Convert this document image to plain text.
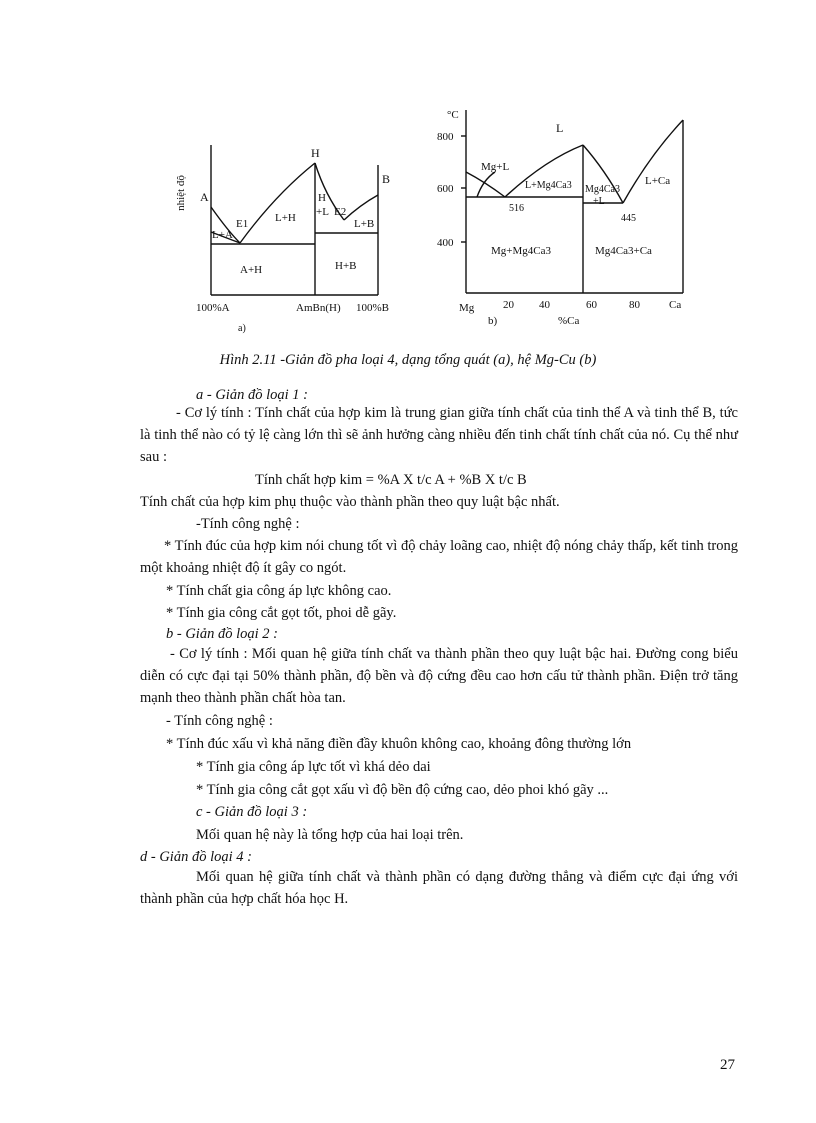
nhiệt độ
H
A
B
E1
E2
L+H
L+A
H
+L
L+B
A+H	H+B
100%A	AmBn(H) 100%B
a)
°C
800
600
400
L
Mg+L
L+Mg4Ca3 Mg4Ca3
+L
L+Ca
516
445
Mg+Mg4Ca3	Mg4Ca3+Ca
Mg	20 40	60	80	Ca
b)	%Ca
Hình 2.11 -Giản đồ pha loại 4, dạng tổng quát (a), hệ Mg-Cu (b)
a - Giản đồ loại 1 :
- Cơ lý tính : Tính chất của hợp kim là trung gian giữa tính chất của tinh thể A và tinh thể B, tức là tinh thể nào có tỷ lệ càng lớn thì sẽ ảnh hưởng càng nhiều đến tinh chất tính chất của nó. Cụ thể như sau :
Tính chất hợp kim = %A X t/c A + %B X t/c B
Tính chất của hợp kim phụ thuộc vào thành phần theo quy luật bậc nhất.
-Tính công nghệ :
* Tính đúc của hợp kim nói chung tốt vì độ chảy loãng cao, nhiệt độ nóng chảy thấp, kết tinh trong một khoảng nhiệt độ ít gây co ngót.
* Tính chất gia công áp lực không cao.
* Tính gia công cắt gọt tốt, phoi dễ gãy.
b - Giản đồ loại 2 :
- Cơ lý tính : Mối quan hệ giữa tính chất va thành phần theo quy luật bậc hai. Đường cong biểu diễn có cực đại tại 50% thành phần, độ bền và độ cứng đều cao hơn cấu tử thành phần. Điện trở tăng mạnh theo thành phần chất hòa tan.
- Tính công nghệ :
* Tính đúc xấu vì khả năng điền đầy khuôn không cao, khoảng đông thường lớn
* Tính gia công áp lực tốt vì khá dẻo dai
* Tính gia công cắt gọt xấu vì độ bền độ cứng cao, dẻo phoi khó gãy ...
c - Giản đồ loại 3 :
Mối quan hệ này là tổng hợp của hai loại trên.
d - Giản đồ loại 4 :
Mối quan hệ giữa tính chất và thành phần có dạng đường thẳng và điểm cực đại ứng với thành phần của hợp chất hóa học H.
27
